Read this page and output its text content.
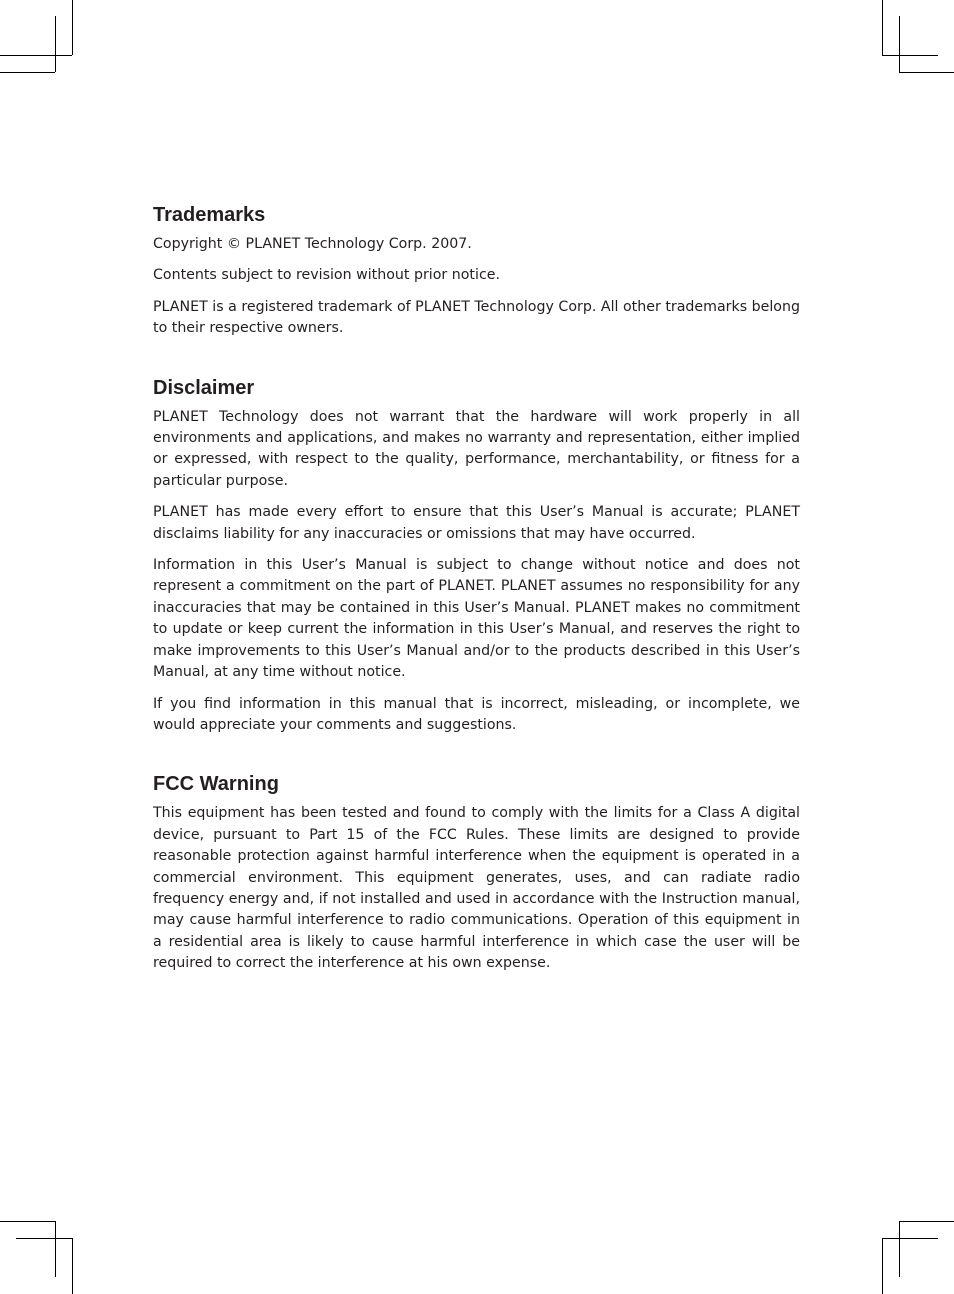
Trademarks

Copyright © PLANET Technology Corp. 2007.

Contents subject to revision without prior notice.

PLANET is a registered trademark of PLANET Technology Corp. All other trademarks belong to their respective owners.

Disclaimer

PLANET Technology does not warrant that the hardware will work properly in all environments and applications, and makes no warranty and representation, either implied or expressed, with respect to the quality, performance, merchantability, or fitness for a particular purpose.

PLANET has made every effort to ensure that this User’s Manual is accurate; PLANET disclaims liability for any inaccuracies or omissions that may have occurred.

Information in this User’s Manual is subject to change without notice and does not represent a commitment on the part of PLANET. PLANET assumes no responsibility for any inaccuracies that may be contained in this User’s Manual. PLANET makes no commitment to update or keep current the information in this User’s Manual, and reserves the right to make improvements to this User’s Manual and/or to the products described in this User’s Manual, at any time without notice.

If you find information in this manual that is incorrect, misleading, or incomplete, we would appreciate your comments and suggestions.

FCC Warning

This equipment has been tested and found to comply with the limits for a Class A digital device, pursuant to Part 15 of the FCC Rules. These limits are designed to provide reasonable protection against harmful interference when the equipment is operated in a commercial environment. This equipment generates, uses, and can radiate radio frequency energy and, if not installed and used in accordance with the Instruction manual, may cause harmful interference to radio communications. Operation of this equipment in a residential area is likely to cause harmful interference in which case the user will be required to correct the interference at his own expense.
